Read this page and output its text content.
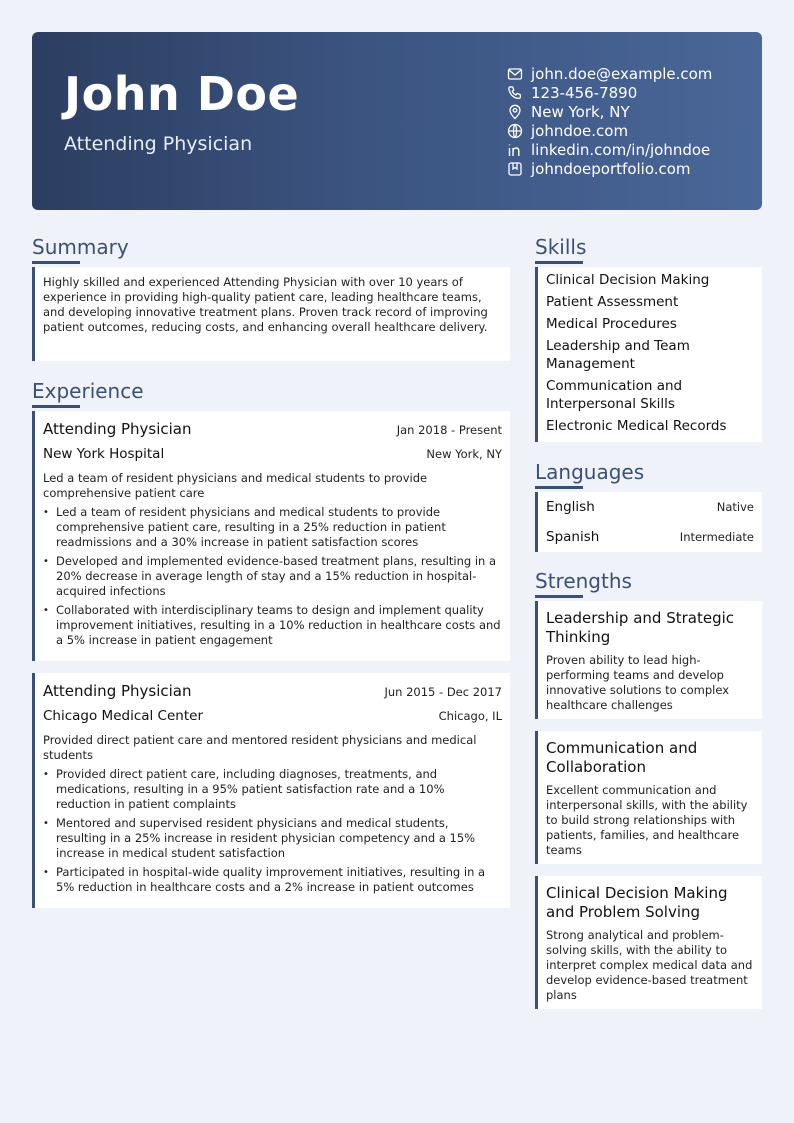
John Doe
Attending Physician
john.doe@example.com
123-456-7890
New York, NY
johndoe.com
linkedin.com/in/johndoe
johndoeportfolio.com
Summary

Highly skilled and experienced Attending Physician with over 10 years of experience in providing high-quality patient care, leading healthcare teams, and developing innovative treatment plans. Proven track record of improving patient outcomes, reducing costs, and enhancing overall healthcare delivery.

Experience
Attending Physician	Jan 2018 - Present
New York Hospital	New York, NY

Led a team of resident physicians and medical students to provide comprehensive patient care

• Led a team of resident physicians and medical students to provide comprehensive patient care, resulting in a 25% reduction in patient readmissions and a 30% increase in patient satisfaction scores
• Developed and implemented evidence-based treatment plans, resulting in a 20% decrease in average length of stay and a 15% reduction in hospital-acquired infections
• Collaborated with interdisciplinary teams to design and implement quality improvement initiatives, resulting in a 10% reduction in healthcare costs and a 5% increase in patient engagement
Attending Physician	Jun 2015 - Dec 2017
Chicago Medical Center	Chicago, IL

Provided direct patient care and mentored resident physicians and medical students

• Provided direct patient care, including diagnoses, treatments, and medications, resulting in a 95% patient satisfaction rate and a 10% reduction in patient complaints
• Mentored and supervised resident physicians and medical students, resulting in a 25% increase in resident physician competency and a 15% increase in medical student satisfaction
• Participated in hospital-wide quality improvement initiatives, resulting in a 5% reduction in healthcare costs and a 2% increase in patient outcomes
Skills
Clinical Decision Making
Patient Assessment
Medical Procedures
Leadership and Team Management
Communication and Interpersonal Skills
Electronic Medical Records
Languages
English	Native
Spanish	Intermediate
Strengths
Leadership and Strategic Thinking

Proven ability to lead high-performing teams and develop innovative solutions to complex healthcare challenges

Communication and Collaboration

Excellent communication and interpersonal skills, with the ability to build strong relationships with patients, families, and healthcare teams

Clinical Decision Making and Problem Solving

Strong analytical and problem-solving skills, with the ability to interpret complex medical data and develop evidence-based treatment plans
